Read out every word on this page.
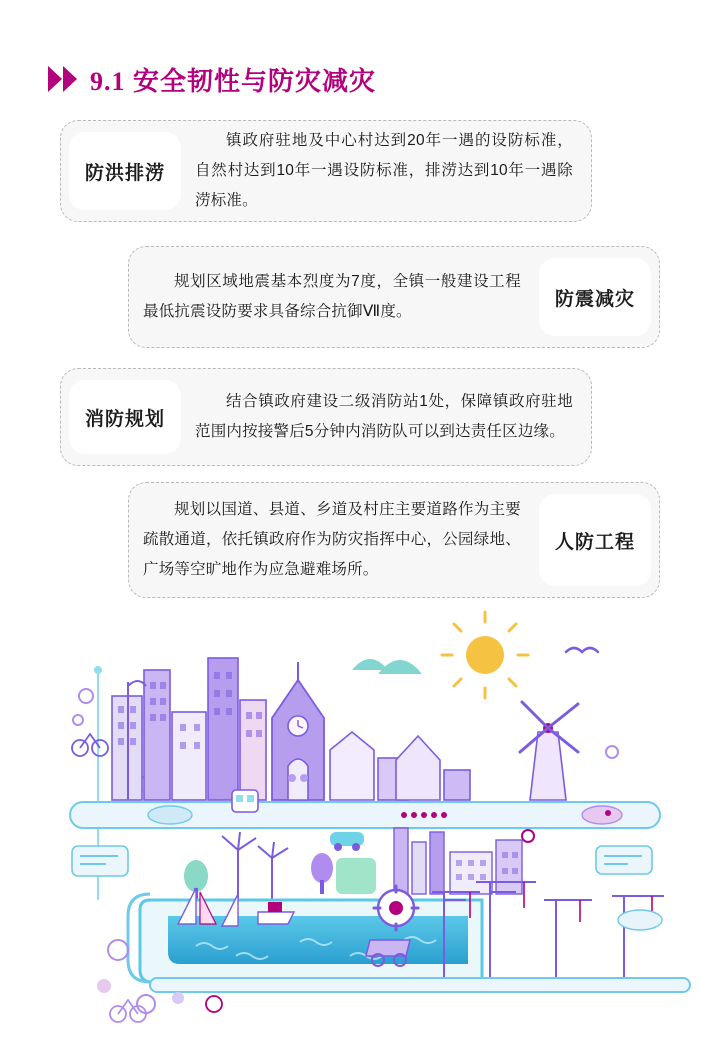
9.1 安全韧性与防灾减灾
防洪排涝
镇政府驻地及中心村达到20年一遇的设防标准，自然村达到10年一遇设防标准，排涝达到10年一遇除涝标准。
防震减灾
规划区域地震基本烈度为7度，全镇一般建设工程最低抗震设防要求具备综合抗御Ⅶ度。
消防规划
结合镇政府建设二级消防站1处，保障镇政府驻地范围内按接警后5分钟内消防队可以到达责任区边缘。
人防工程
规划以国道、县道、乡道及村庄主要道路作为主要疏散通道，依托镇政府作为防灾指挥中心，公园绿地、广场等空旷地作为应急避难场所。
